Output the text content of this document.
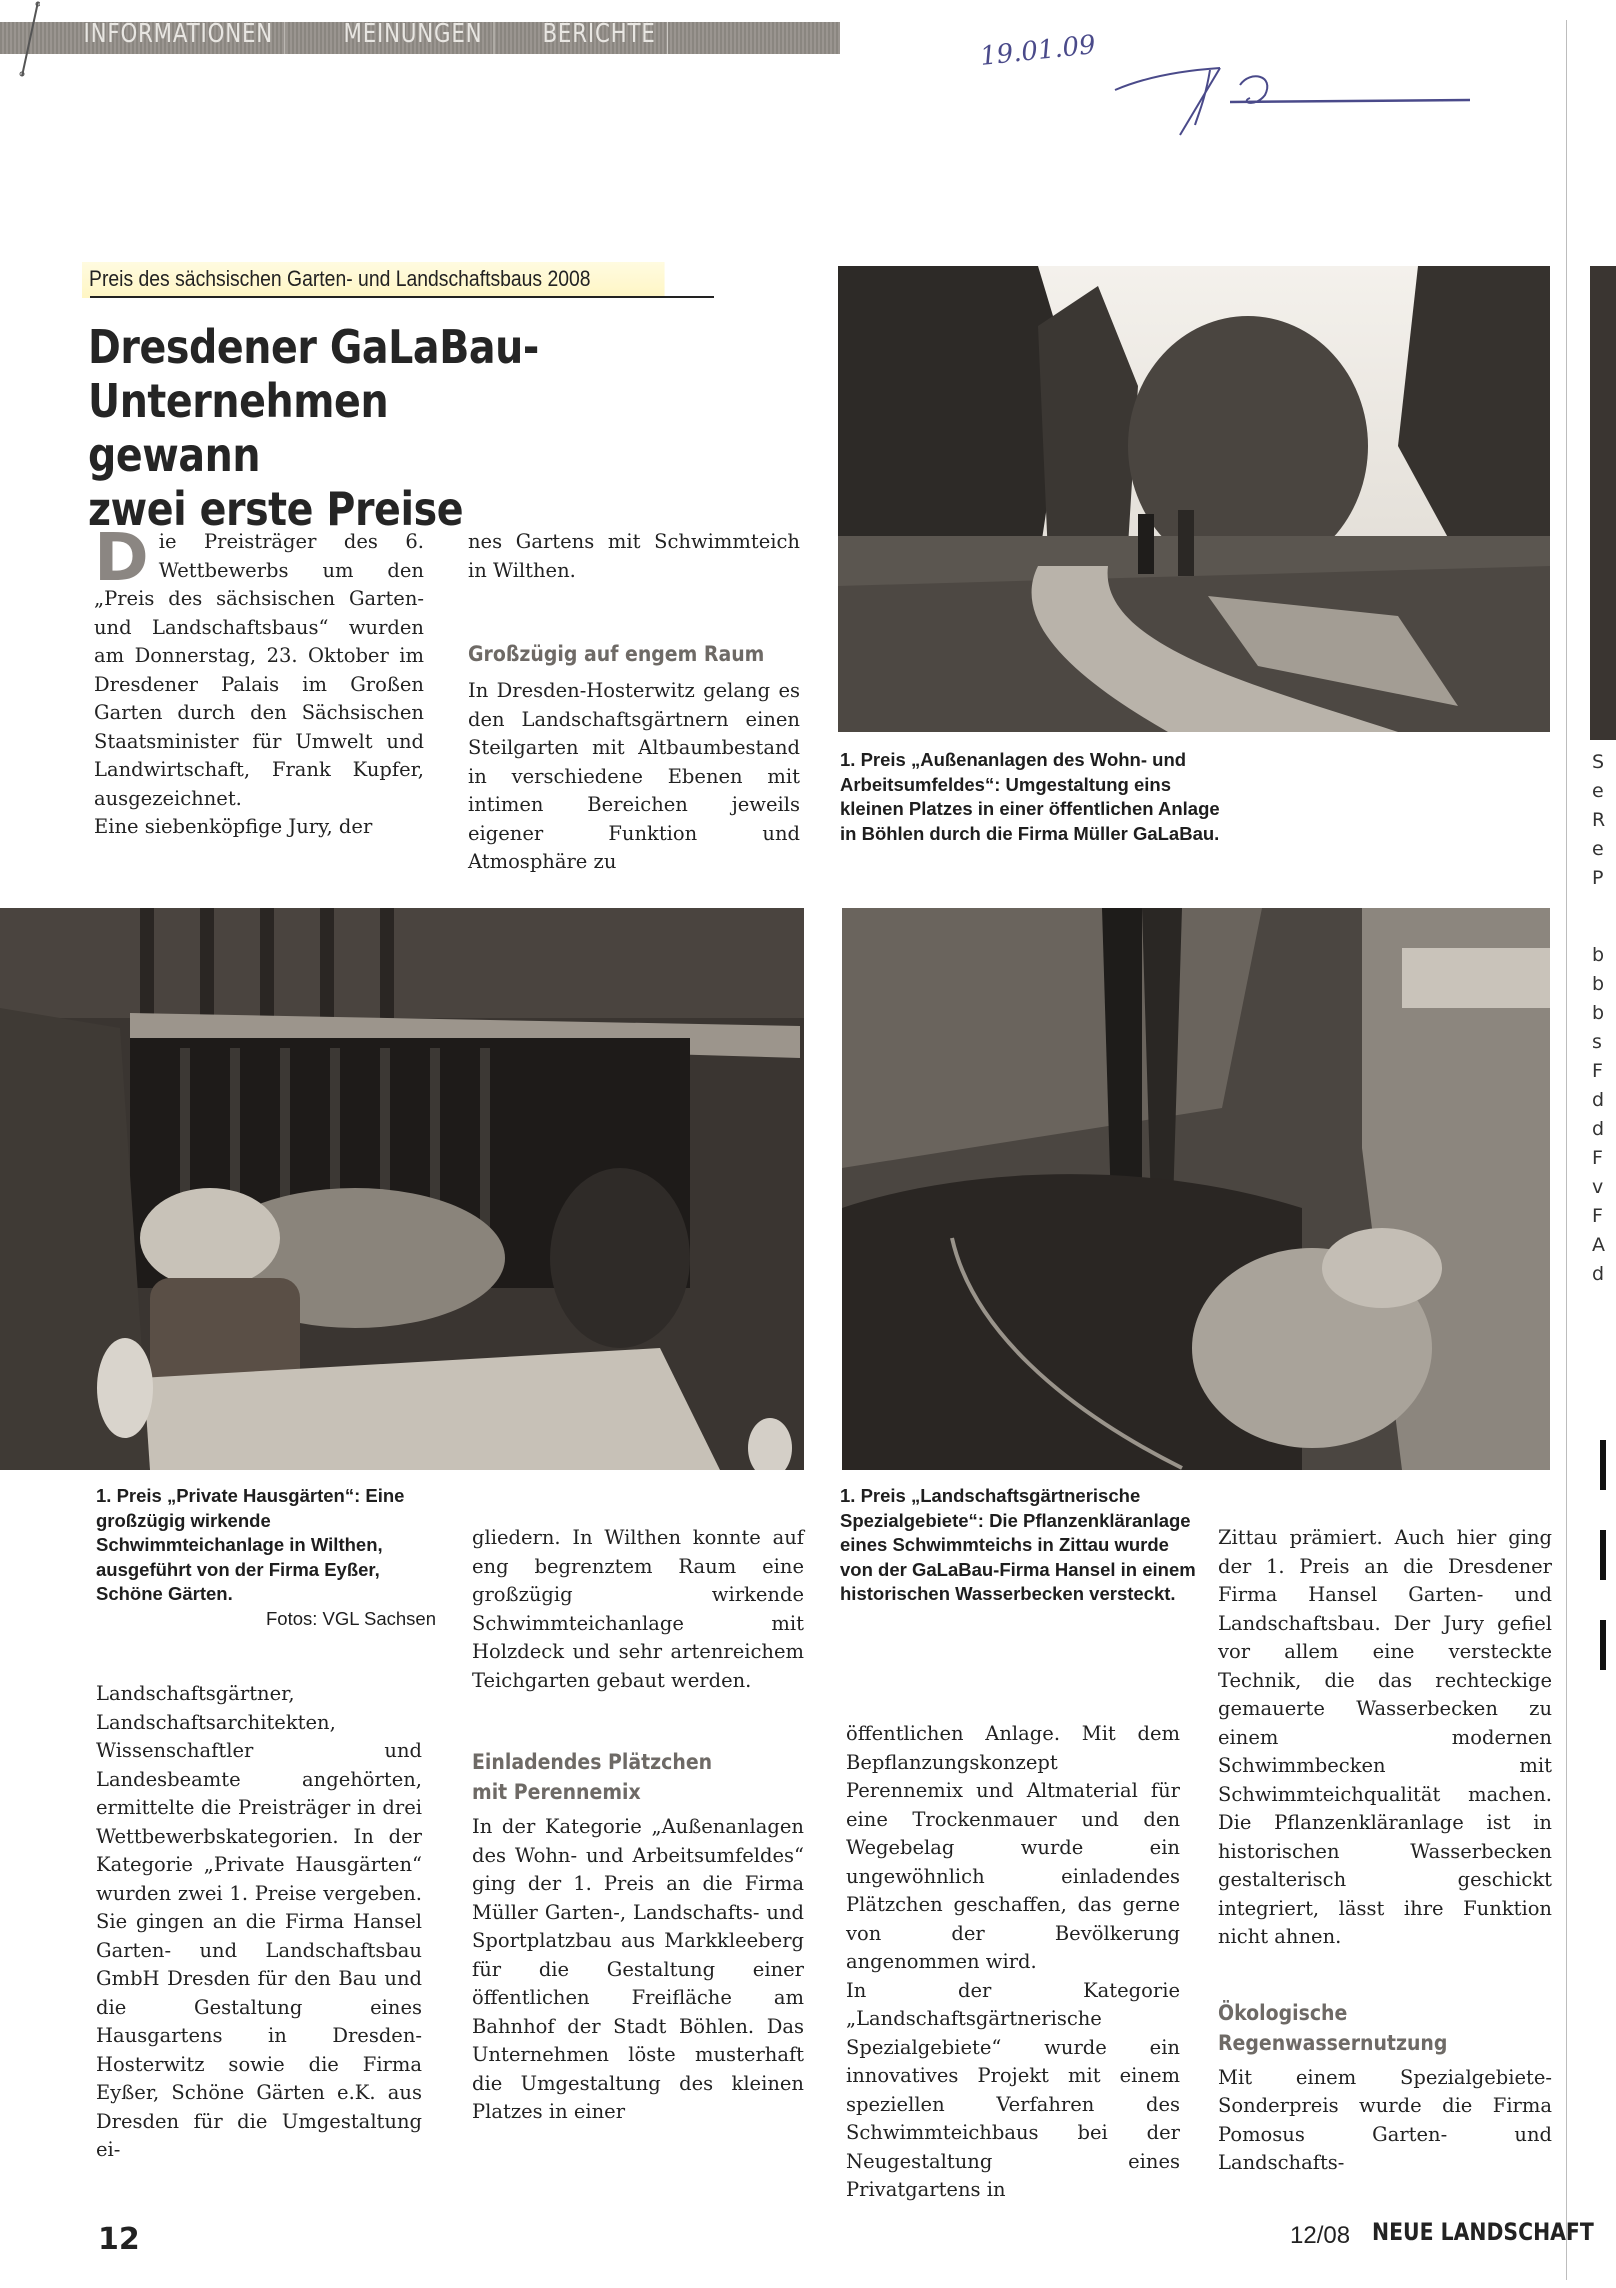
INFORMATIONEN	MEINUNGEN	BERICHTE	19.01.09
Preis des sächsischen Garten- und Landschaftsbaus 2008
Dresdener GaLaBau-
Unternehmen gewann
zwei erste Preise

D ie Preisträger des 6. Wettbewerbs um den „Preis des sächsischen Garten- und Landschaftsbaus“ wurden am Donnerstag, 23. Oktober im Dresdener Palais im Großen Garten durch den Sächsischen Staatsminister für Umwelt und Landwirtschaft, Frank Kupfer, ausgezeichnet.

Eine siebenköpfige Jury, der

nes Gartens mit Schwimmteich in Wilthen.

Großzügig auf engem Raum

In Dresden-Hosterwitz gelang es den Landschaftsgärtnern einen Steilgarten mit Altbaumbestand in verschiedene Ebenen mit intimen Bereichen jeweils eigener Funktion und Atmosphäre zu

1. Preis „Außenanlagen des Wohn- und Arbeitsumfeldes“: Umgestaltung eins kleinen Platzes in einer öffentlichen Anlage in Böhlen durch die Firma Müller GaLaBau.
1. Preis „Private Hausgärten“: Eine großzügig wirkende Schwimmteichanlage in Wilthen, ausgeführt von der Firma Eyßer, Schöne Gärten.
Fotos: VGL Sachsen
1. Preis „Landschaftsgärtnerische Spezialgebiete“: Die Pflanzenkläranlage eines Schwimmteichs in Zittau wurde von der GaLaBau-Firma Hansel in einem historischen Wasserbecken versteckt.

Landschaftsgärtner, Landschaftsarchitekten, Wissenschaftler und Landesbeamte angehörten, ermittelte die Preisträger in drei Wettbewerbskategorien. In der Kategorie „Private Hausgärten“ wurden zwei 1. Preise vergeben. Sie gingen an die Firma Hansel Garten- und Landschaftsbau GmbH Dresden für den Bau und die Gestaltung eines Hausgartens in Dresden-Hosterwitz sowie die Firma Eyßer, Schöne Gärten e.K. aus Dresden für die Umgestaltung ei-

gliedern. In Wilthen konnte auf eng begrenztem Raum eine großzügig wirkende Schwimmteichanlage mit Holzdeck und sehr artenreichem Teichgarten gebaut werden.

Einladendes Plätzchen
mit Perennemix

In der Kategorie „Außenanlagen des Wohn- und Arbeitsumfeldes“ ging der 1. Preis an die Firma Müller Garten-, Landschafts- und Sportplatzbau aus Markkleeberg für die Gestaltung einer öffentlichen Freifläche am Bahnhof der Stadt Böhlen. Das Unternehmen löste musterhaft die Umgestaltung des kleinen Platzes in einer

öffentlichen Anlage. Mit dem Bepflanzungskonzept Perennemix und Altmaterial für eine Trockenmauer und den Wegebelag wurde ein ungewöhnlich einladendes Plätzchen geschaffen, das gerne von der Bevölkerung angenommen wird.

In der Kategorie „Landschaftsgärtnerische Spezialgebiete“ wurde ein innovatives Projekt mit einem speziellen Verfahren des Schwimmteichbaus bei der Neugestaltung eines Privatgartens in

Zittau prämiert. Auch hier ging der 1. Preis an die Dresdener Firma Hansel Garten- und Landschaftsbau. Der Jury gefiel vor allem eine versteckte Technik, die das rechteckige gemauerte Wasserbecken zu einem modernen Schwimmbecken mit Schwimmteichqualität machen. Die Pflanzenkläranlage ist in historischen Wasserbecken gestalterisch geschickt integriert, lässt ihre Funktion nicht ahnen.

Ökologische
Regenwassernutzung

Mit einem Spezialgebiete-Sonderpreis wurde die Firma Pomosus Garten- und Landschafts-

S
e
R
e
P
b
b
b
s
F
d
d
F
v
F
A
d
12	12/08 NEUE LANDSCHAFT
